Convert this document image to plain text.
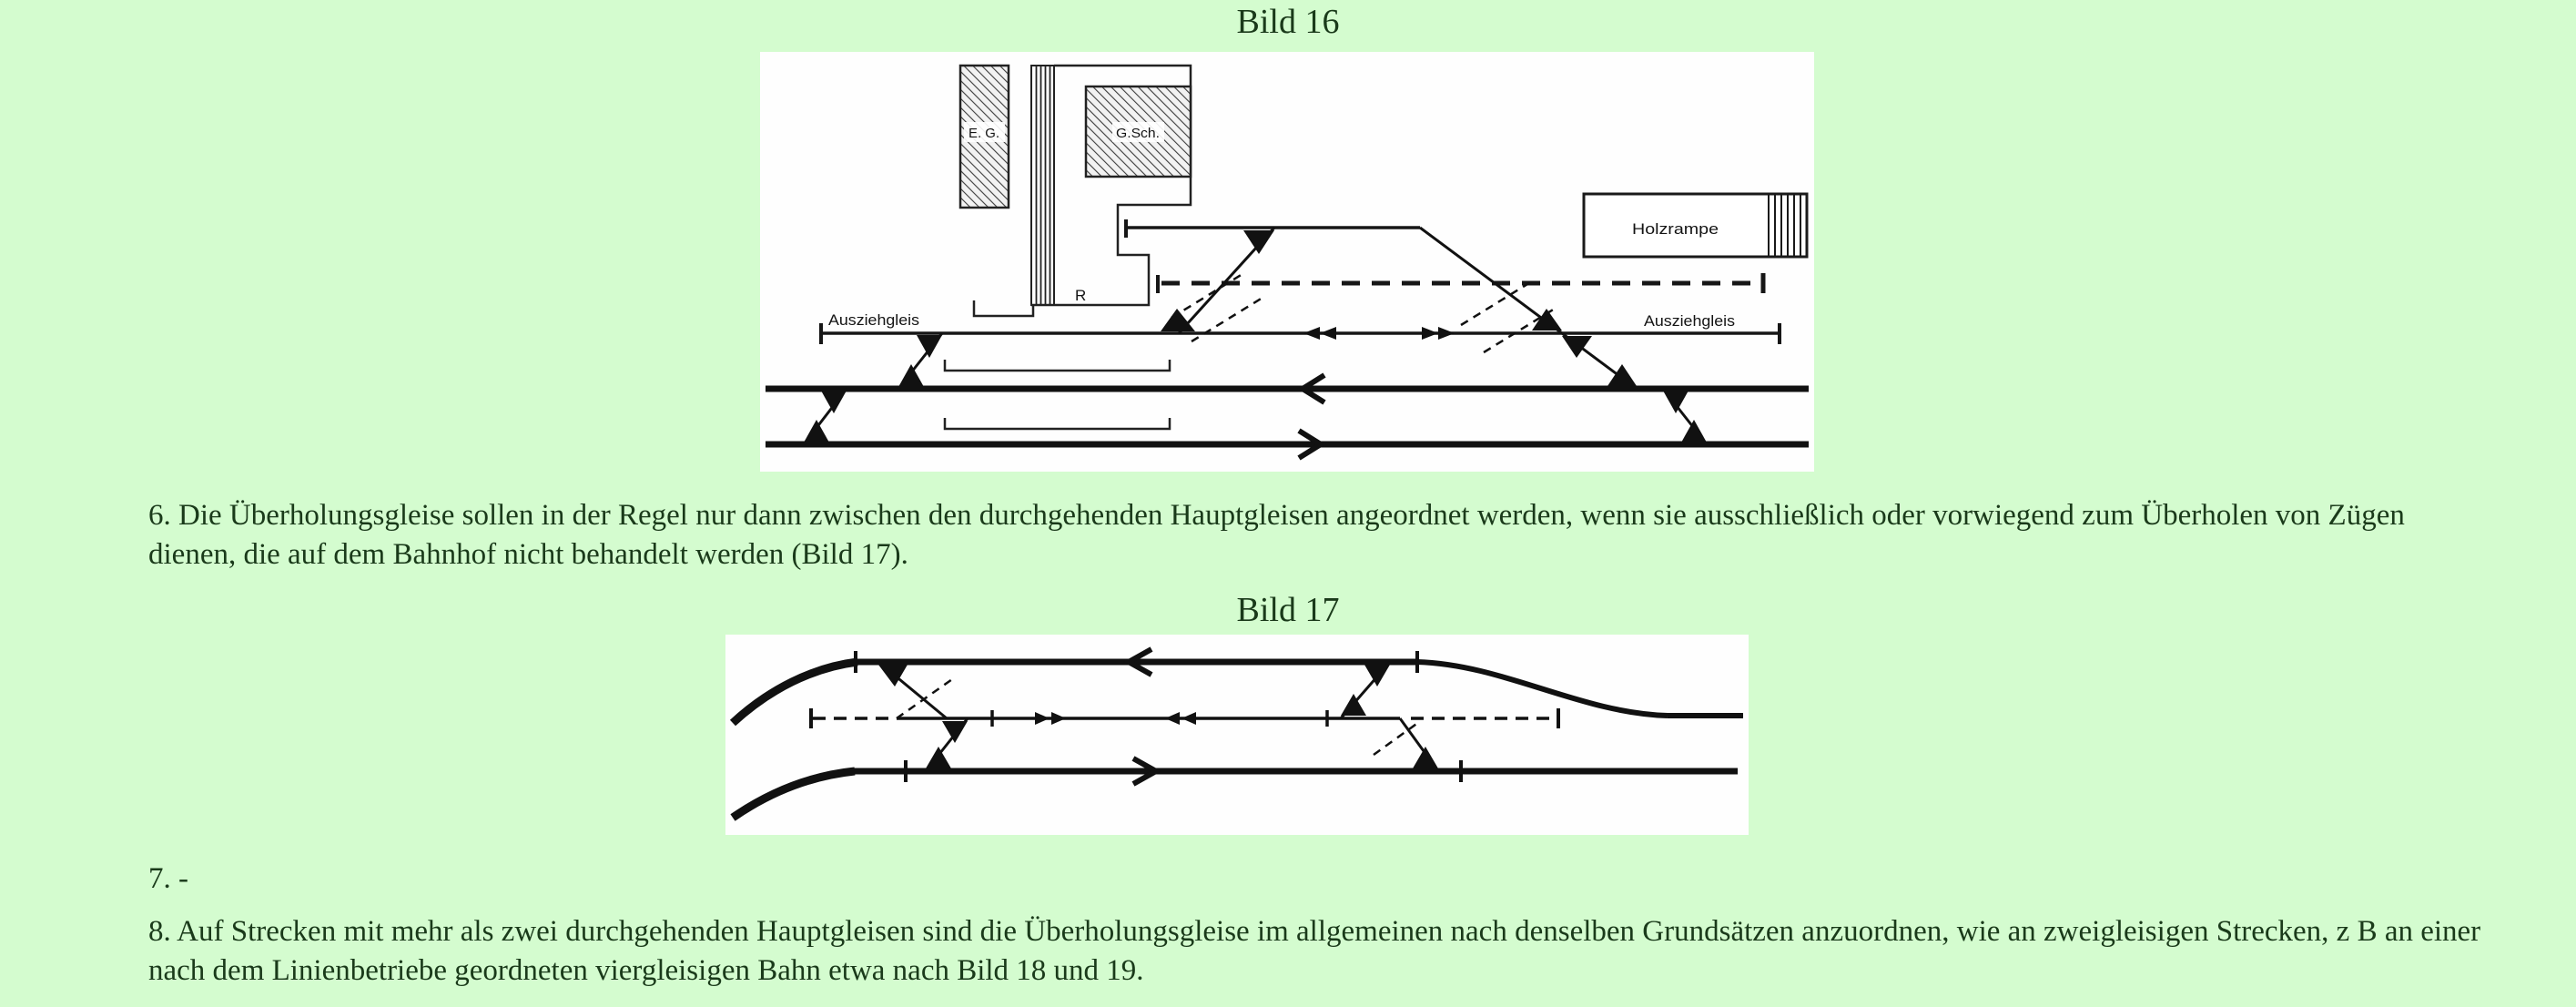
Bild 16
E. G.
R
G.Sch.
Holzrampe
Ausziehgleis	Ausziehgleis
6. Die Überholungsgleise sollen in der Regel nur dann zwischen den durchgehenden Hauptgleisen angeordnet werden, wenn sie ausschließlich oder vorwiegend zum Überholen von Zügen
dienen, die auf dem Bahnhof nicht behandelt werden (Bild 17).
Bild 17
7. -
8. Auf Strecken mit mehr als zwei durchgehenden Hauptgleisen sind die Überholungsgleise im allgemeinen nach denselben Grundsätzen anzuordnen, wie an zweigleisigen Strecken, z B an einer
nach dem Linienbetriebe geordneten viergleisigen Bahn etwa nach Bild 18 und 19.
